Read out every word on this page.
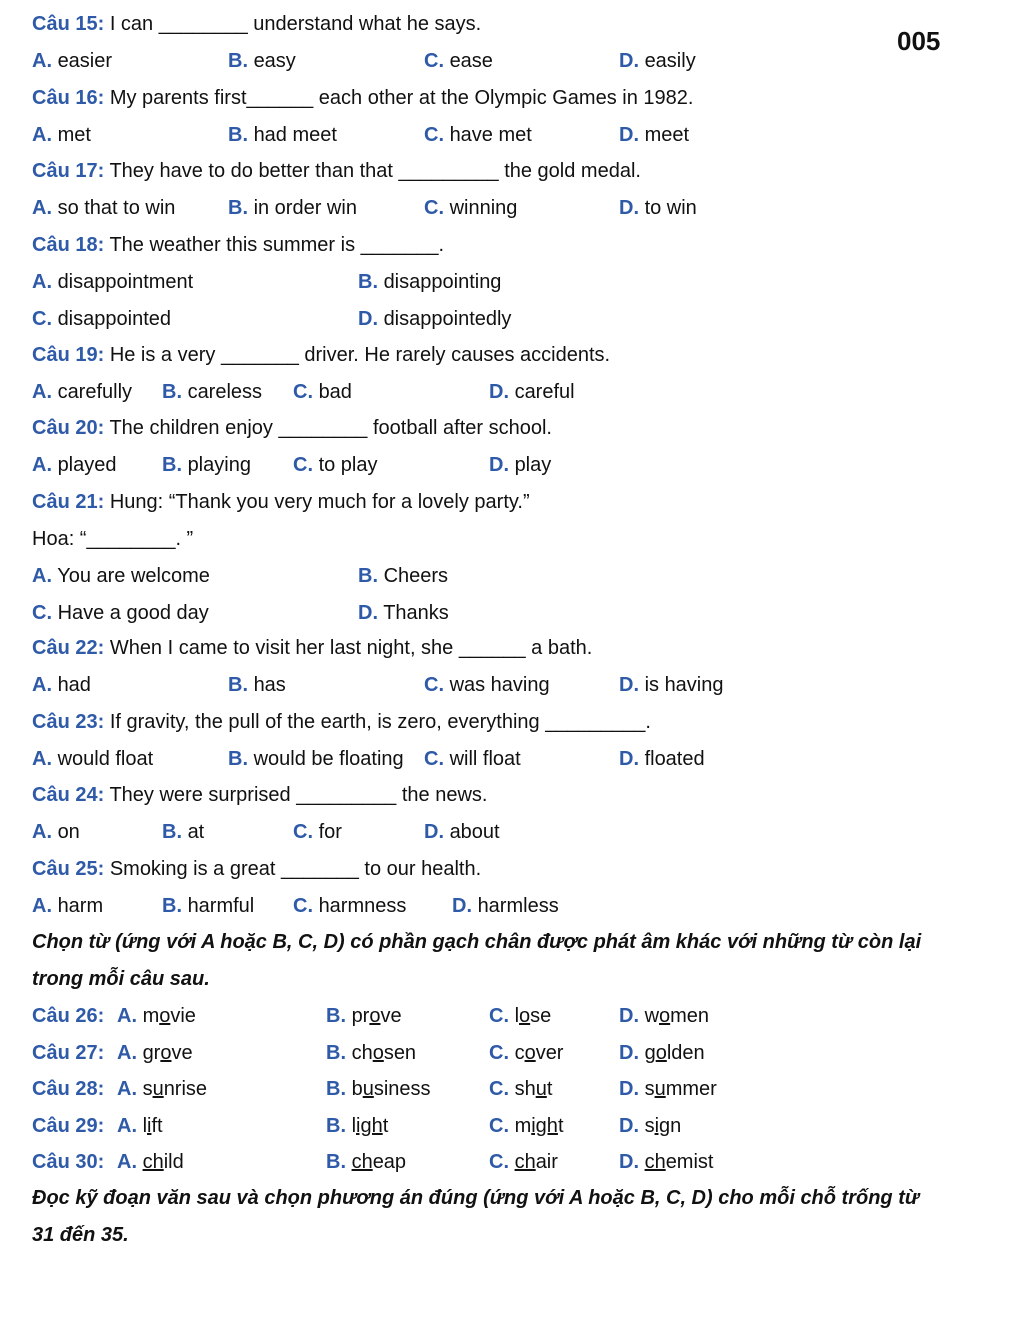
005
Câu 15: I can ________ understand what he says.
A. easier	B. easy	C. ease	D. easily
Câu 16: My parents first______ each other at the Olympic Games in 1982.
A. met	B. had meet	C. have met	D. meet
Câu 17: They have to do better than that _________ the gold medal.
A. so that to win	B. in order win	C. winning	D. to win
Câu 18: The weather this summer is _______.
A. disappointment	B. disappointing
C. disappointed	D. disappointedly
Câu 19: He is a very _______ driver. He rarely causes accidents.
A. carefully B. careless C. bad	D. careful
Câu 20: The children enjoy ________ football after school.
A. played B. playing C. to play	D. play
Câu 21: Hung: “Thank you very much for a lovely party.”
Hoa: “________. ”
A. You are welcome	B. Cheers
C. Have a good day	D. Thanks
Câu 22: When I came to visit her last night, she ______ a bath.
A. had	B. has	C. was having	D. is having
Câu 23: If gravity, the pull of the earth, is zero, everything _________.
A. would float	B. would be floating C. will float	D. floated
Câu 24: They were surprised _________ the news.
A. on	B. at	C. for	D. about
Câu 25: Smoking is a great _______ to our health.
A. harm	B. harmful C. harmness D. harmless
Chọn từ (ứng với A hoặc B, C, D) có phần gạch chân được phát âm khác với những từ còn lại
trong mỗi câu sau.
Câu 26: A. movie	B. prove	C. lose	D. women
Câu 27: A. grove	B. chosen	C. cover	D. golden
Câu 28: A. sunrise	B. business	C. shut	D. summer
Câu 29: A. lift	B. light	C. might	D. sign
Câu 30: A. child	B. cheap	C. chair	D. chemist
Đọc kỹ đoạn văn sau và chọn phương án đúng (ứng với A hoặc B, C, D) cho mỗi chỗ trống từ
31 đến 35.
